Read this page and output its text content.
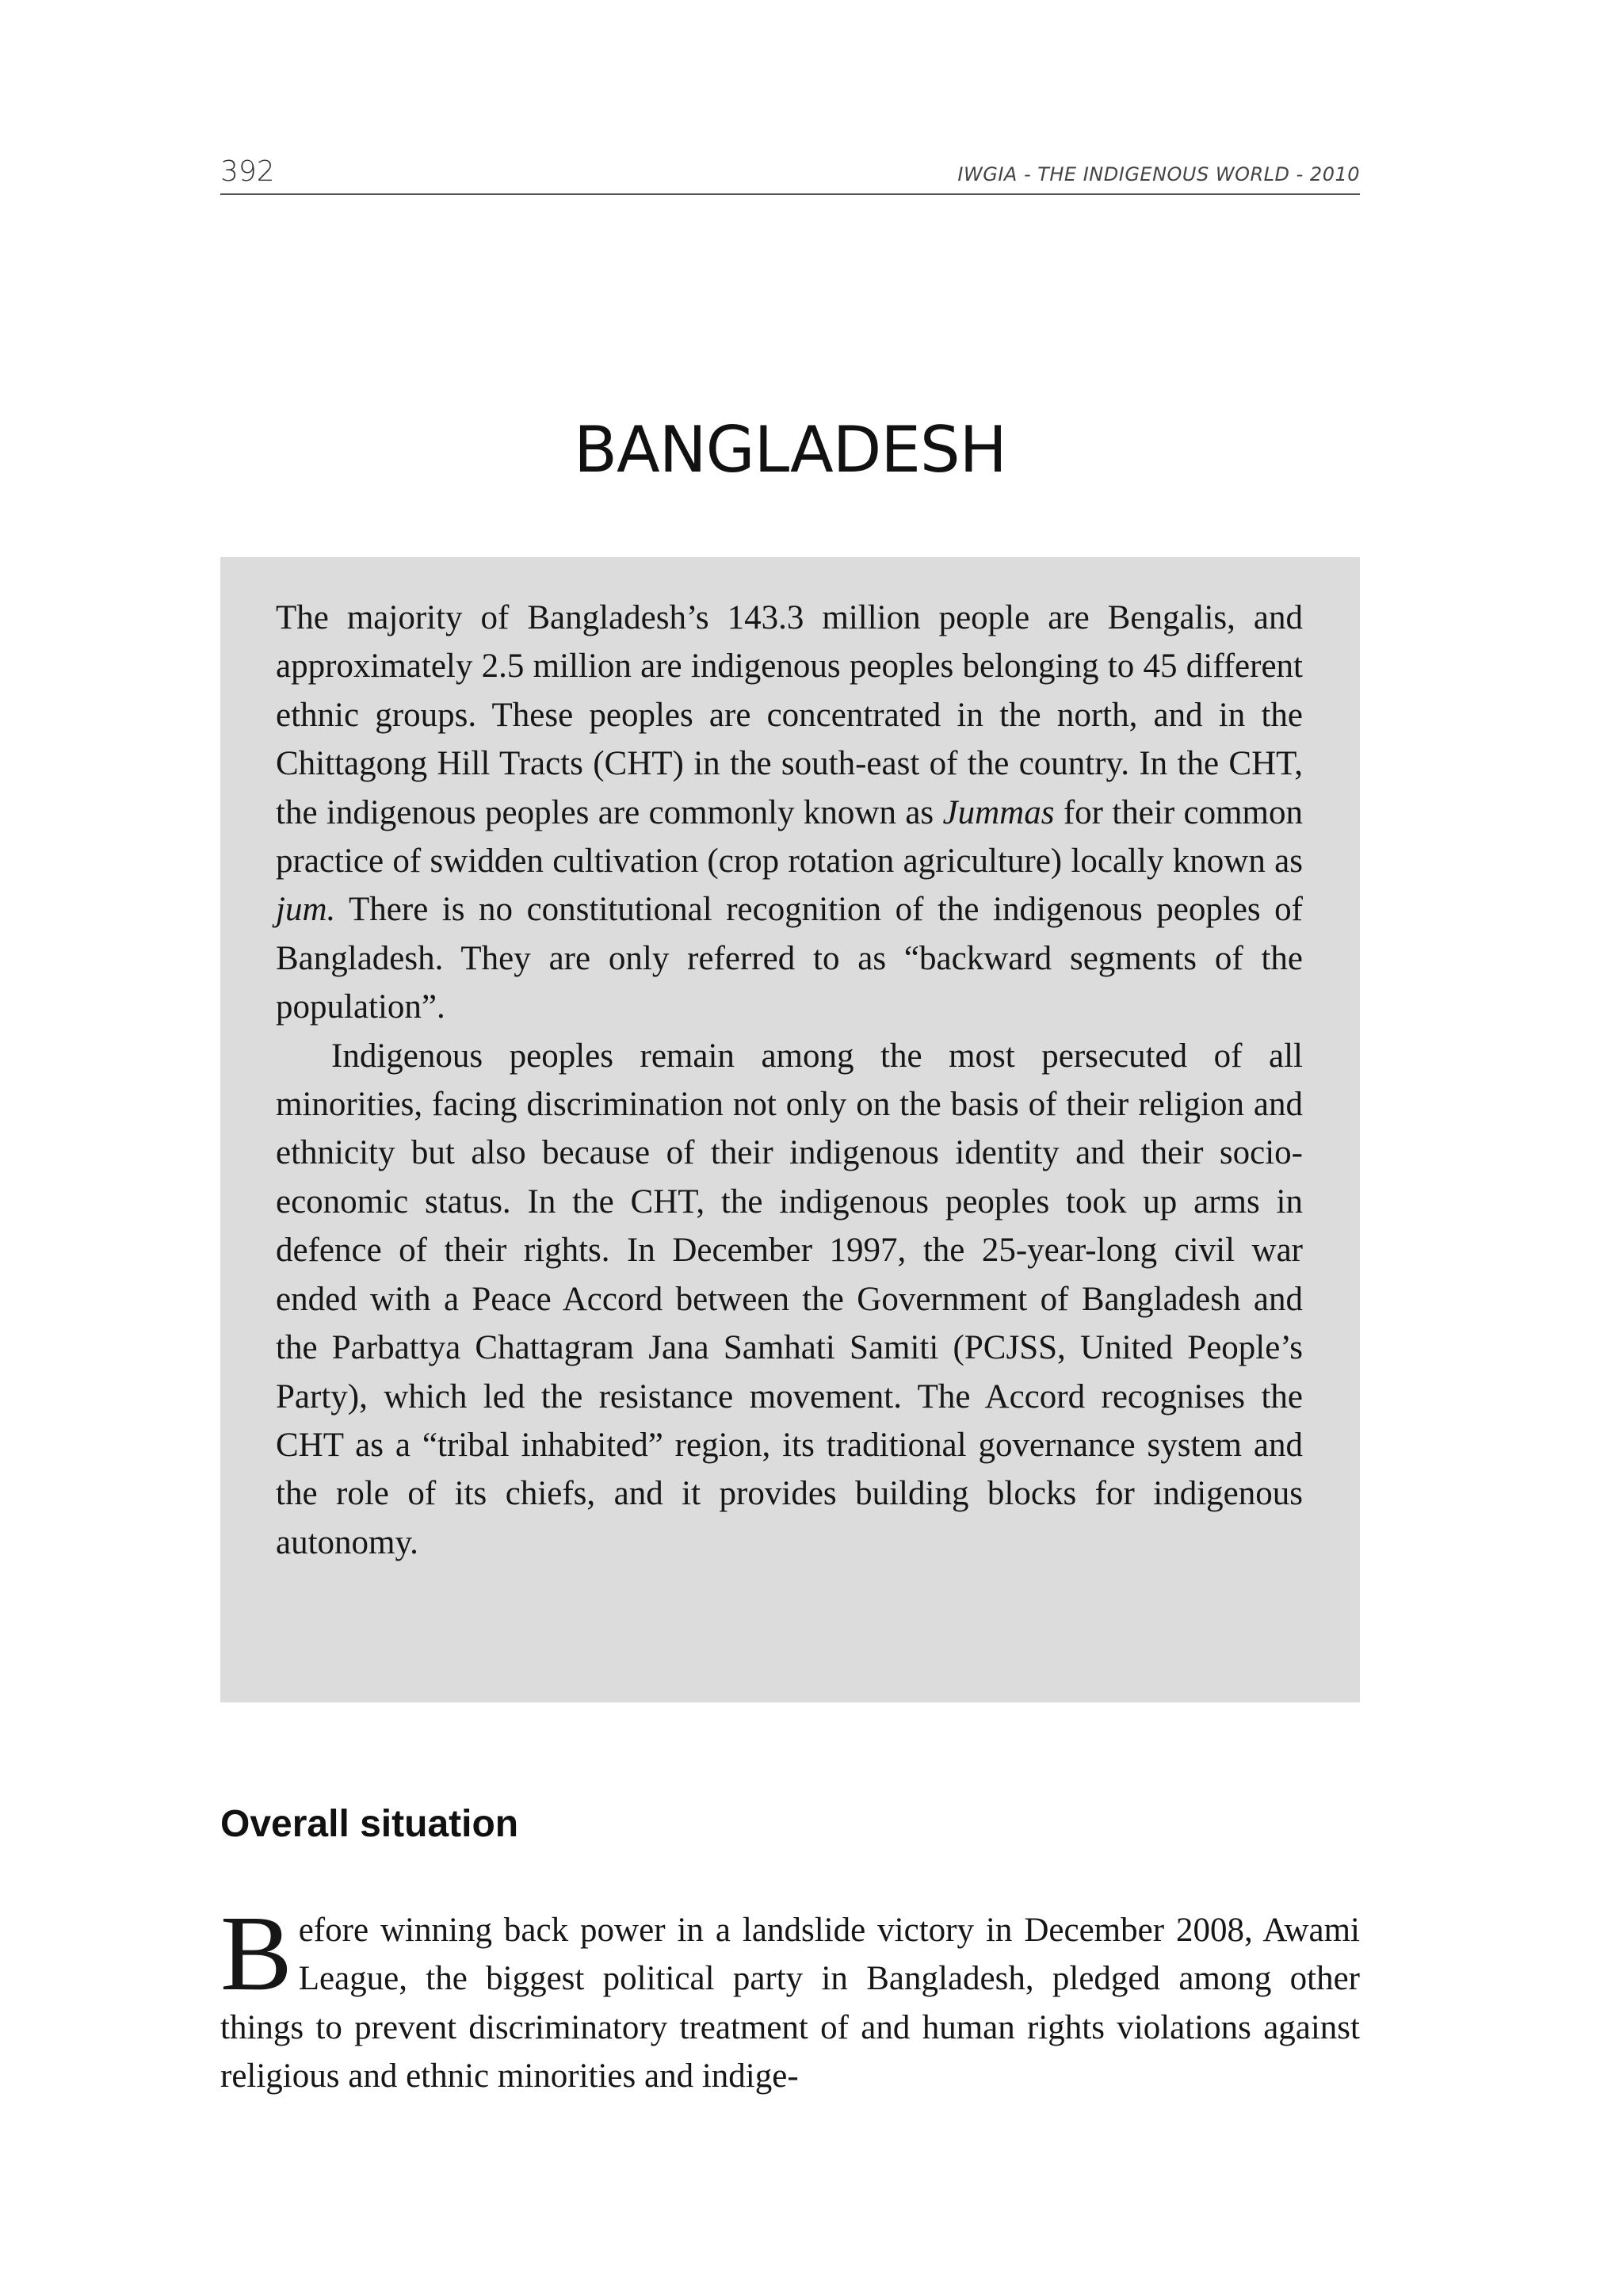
392	IWGIA - THE INDIGENOUS WORLD - 2010
BANGLADESH

The majority of Bangladesh’s 143.3 million people are Bengalis, and approximately 2.5 million are indigenous peoples belonging to 45 different ethnic groups. These peoples are concentrated in the north, and in the Chittagong Hill Tracts (CHT) in the south-east of the country. In the CHT, the indigenous peoples are commonly known as Jummas for their common practice of swidden cultivation (crop rotation agriculture) locally known as jum. There is no constitutional recognition of the indigenous peoples of Bangladesh. They are only referred to as “backward segments of the population”.

Indigenous peoples remain among the most persecuted of all minorities, facing discrimination not only on the basis of their religion and ethnicity but also because of their indigenous identity and their socio-economic status. In the CHT, the indigenous peoples took up arms in defence of their rights. In December 1997, the 25-year-long civil war ended with a Peace Accord between the Government of Bangladesh and the Parbattya Chattagram Jana Samhati Samiti (PCJSS, United People’s Party), which led the resistance movement. The Accord recognises the CHT as a “tribal inhabited” region, its traditional governance system and the role of its chiefs, and it provides building blocks for indigenous autonomy.

Overall situation

Before winning back power in a landslide victory in December 2008, Awami League, the biggest political party in Bangladesh, pledged among other things to prevent discriminatory treatment of and human rights violations against religious and ethnic minorities and indige-
